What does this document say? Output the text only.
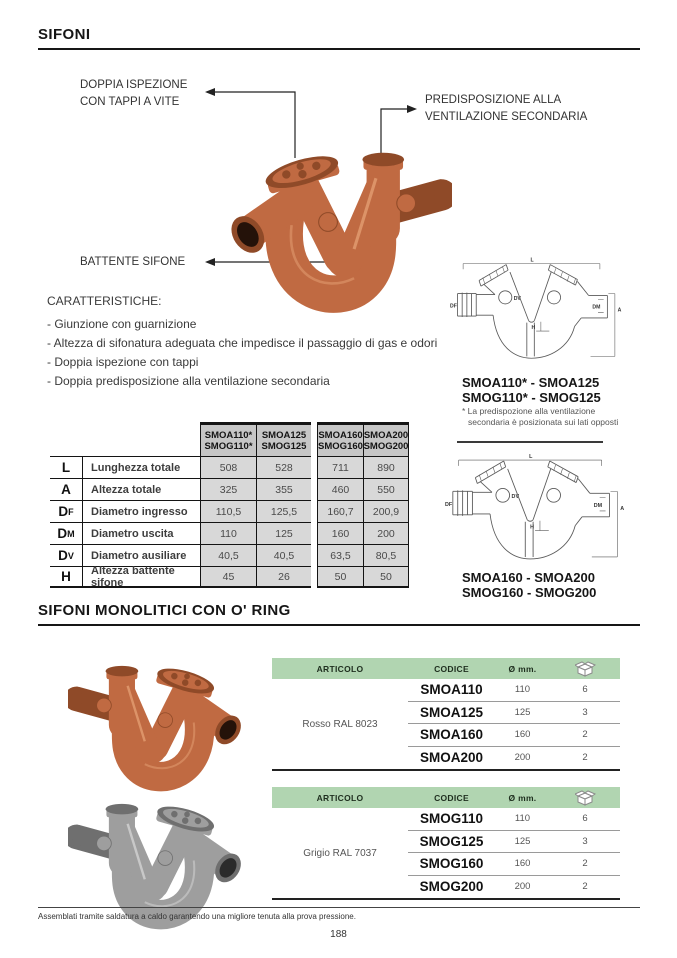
SIFONI
DOPPIA ISPEZIONE
CON TAPPI A VITE	PREDISPOSIZIONE ALLA
VENTILAZIONE SECONDARIA
BATTENTE SIFONE
CARATTERISTICHE:
- Giunzione con guarnizione
- Altezza di sifonatura adeguata che impedisce il passaggio di gas e odori
- Doppia ispezione con tappi
- Doppia predisposizione alla ventilazione secondaria
L
A
DF
DV
DM
H
SMOA110* - SMOA125
SMOG110* - SMOG125
* La predispozione alla ventilazione
secondaria è posizionata sui lati opposti
L
A
DF
DV
DM
H
SMOA160 - SMOA200
SMOG160 - SMOG200
SMOA110*
SMOG110*
SMOA125
SMOG125
SMOA160
SMOG160
SMOA200
SMOG200
L	Lunghezza totale	508	528	711	890
A	Altezza totale	325	355	460	550
D F	Diametro ingresso	110,5	125,5	160,7	200,9
D M	Diametro uscita	110	125	160	200
D V	Diametro ausiliare	40,5	40,5	63,5	80,5
H	Altezza battente sifone	45	26	50	50
SIFONI MONOLITICI CON O' RING
ARTICOLO	CODICE	Ø mm.
Rosso RAL 8023
SMOA110	110	6
SMOA125	125	3
SMOA160	160	2
SMOA200	200	2
ARTICOLO	CODICE	Ø mm.
Grigio RAL 7037
SMOG110	110	6
SMOG125	125	3
SMOG160	160	2
SMOG200	200	2
Assemblati tramite saldatura a caldo garantendo una migliore tenuta alla prova pressione.
188
